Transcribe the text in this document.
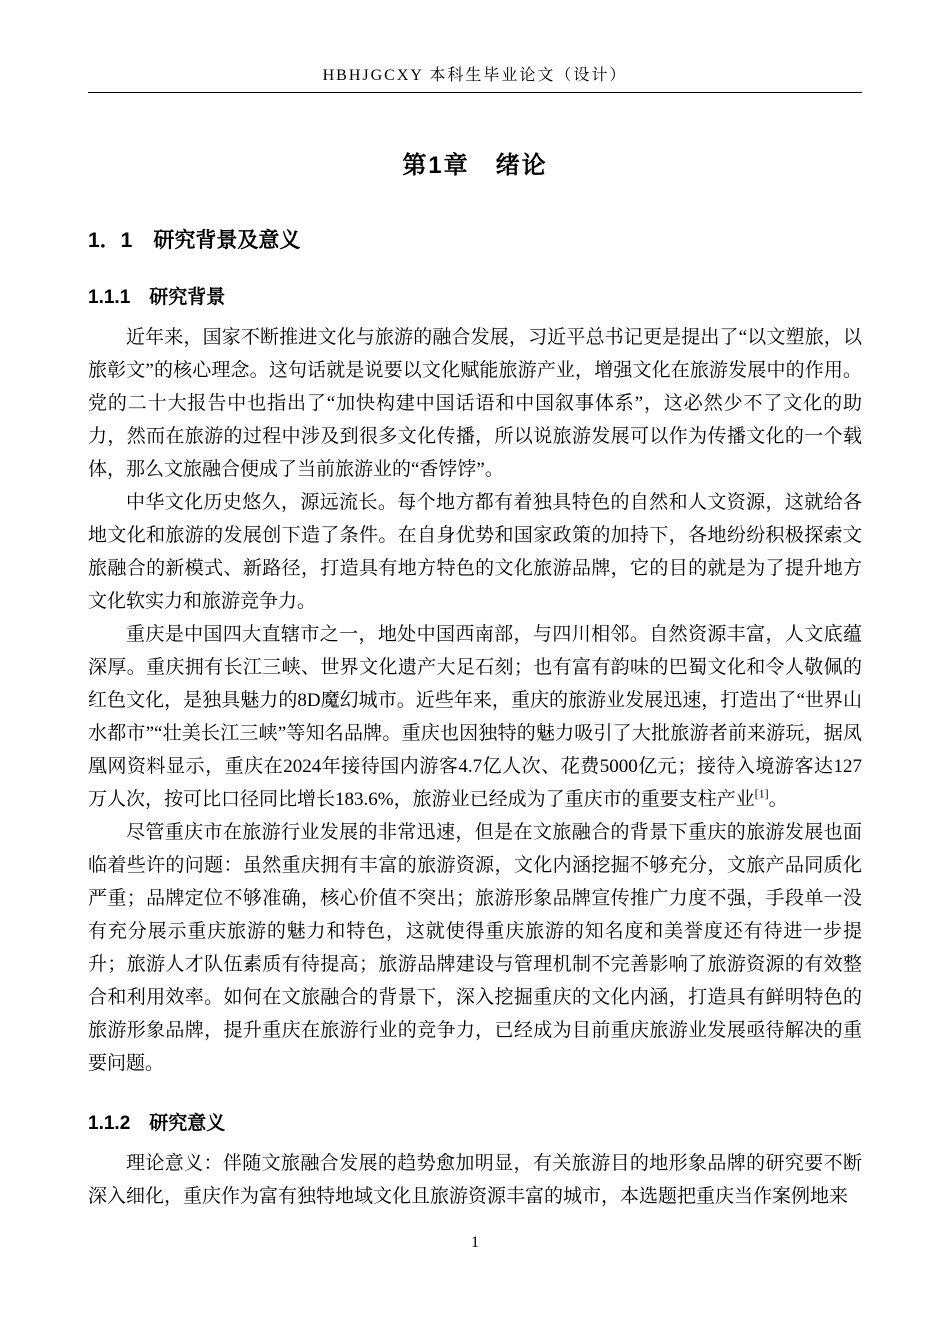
HBHJGCXY 本科生毕业论文（设计）
第1章　绪论
1．1　研究背景及意义
1.1.1　研究背景

近年来，国家不断推进文化与旅游的融合发展，习近平总书记更是提出了“以文塑旅，以旅彰文”的核心理念。这句话就是说要以文化赋能旅游产业，增强文化在旅游发展中的作用。党的二十大报告中也指出了“加快构建中国话语和中国叙事体系”，这必然少不了文化的助力，然而在旅游的过程中涉及到很多文化传播，所以说旅游发展可以作为传播文化的一个载体，那么文旅融合便成了当前旅游业的“香饽饽”。

中华文化历史悠久，源远流长。每个地方都有着独具特色的自然和人文资源，这就给各地文化和旅游的发展创下造了条件。在自身优势和国家政策的加持下，各地纷纷积极探索文旅融合的新模式、新路径，打造具有地方特色的文化旅游品牌，它的目的就是为了提升地方文化软实力和旅游竞争力。

重庆是中国四大直辖市之一，地处中国西南部，与四川相邻。自然资源丰富，人文底蕴深厚。重庆拥有长江三峡、世界文化遗产大足石刻；也有富有韵味的巴蜀文化和令人敬佩的红色文化，是独具魅力的8D魔幻城市。近些年来，重庆的旅游业发展迅速，打造出了“世界山水都市”“壮美长江三峡”等知名品牌。重庆也因独特的魅力吸引了大批旅游者前来游玩，据凤凰网资料显示，重庆在2024年接待国内游客4.7亿人次、花费5000亿元；接待入境游客达127万人次，按可比口径同比增长183.6%，旅游业已经成为了重庆市的重要支柱产业[1]。

尽管重庆市在旅游行业发展的非常迅速，但是在文旅融合的背景下重庆的旅游发展也面临着些许的问题：虽然重庆拥有丰富的旅游资源，文化内涵挖掘不够充分，文旅产品同质化严重；品牌定位不够准确，核心价值不突出；旅游形象品牌宣传推广力度不强，手段单一没有充分展示重庆旅游的魅力和特色，这就使得重庆旅游的知名度和美誉度还有待进一步提升；旅游人才队伍素质有待提高；旅游品牌建设与管理机制不完善影响了旅游资源的有效整合和利用效率。如何在文旅融合的背景下，深入挖掘重庆的文化内涵，打造具有鲜明特色的旅游形象品牌，提升重庆在旅游行业的竞争力，已经成为目前重庆旅游业发展亟待解决的重要问题。

1.1.2　研究意义

理论意义：伴随文旅融合发展的趋势愈加明显，有关旅游目的地形象品牌的研究要不断深入细化，重庆作为富有独特地域文化且旅游资源丰富的城市，本选题把重庆当作案例地来

1
